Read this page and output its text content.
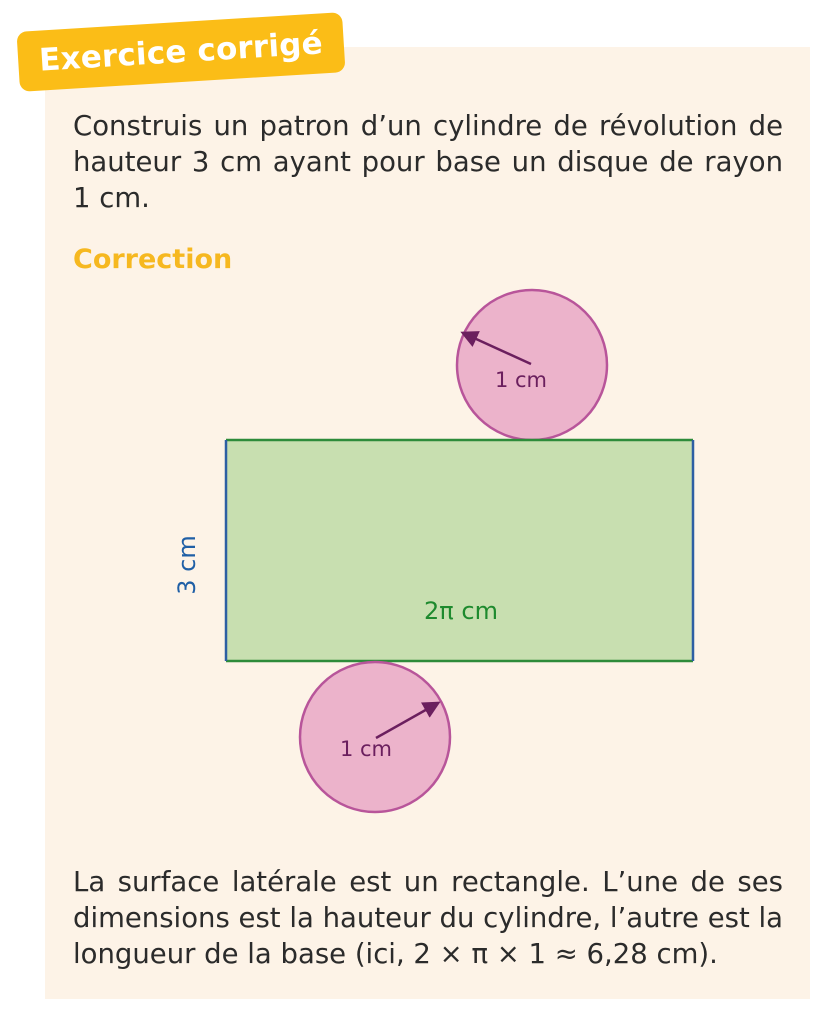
Exercice corrigé
Construis un patron d’un cylindre de révolution de hauteur 3 cm ayant pour base un disque de rayon 1 cm.
Correction
1 cm
3 cm
2π cm
1 cm
La surface latérale est un rectangle. L’une de ses dimensions est la hauteur du cylindre, l’autre est la longueur de la base (ici, 2 × π × 1 ≈ 6,28 cm).
